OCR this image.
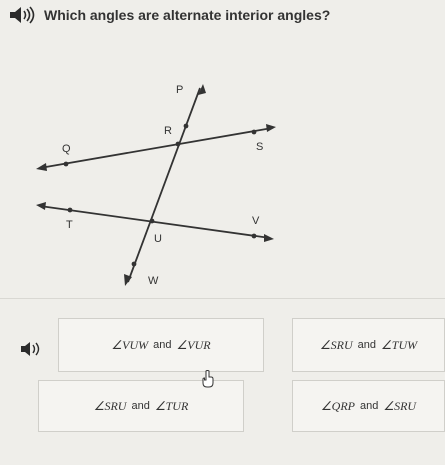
Which angles are alternate interior angles?
P
R
Q	S
T	V
U
W
∠VUW and ∠VUR	∠SRU and ∠TUW
∠SRU and ∠TUR	∠QRP and ∠SRU
